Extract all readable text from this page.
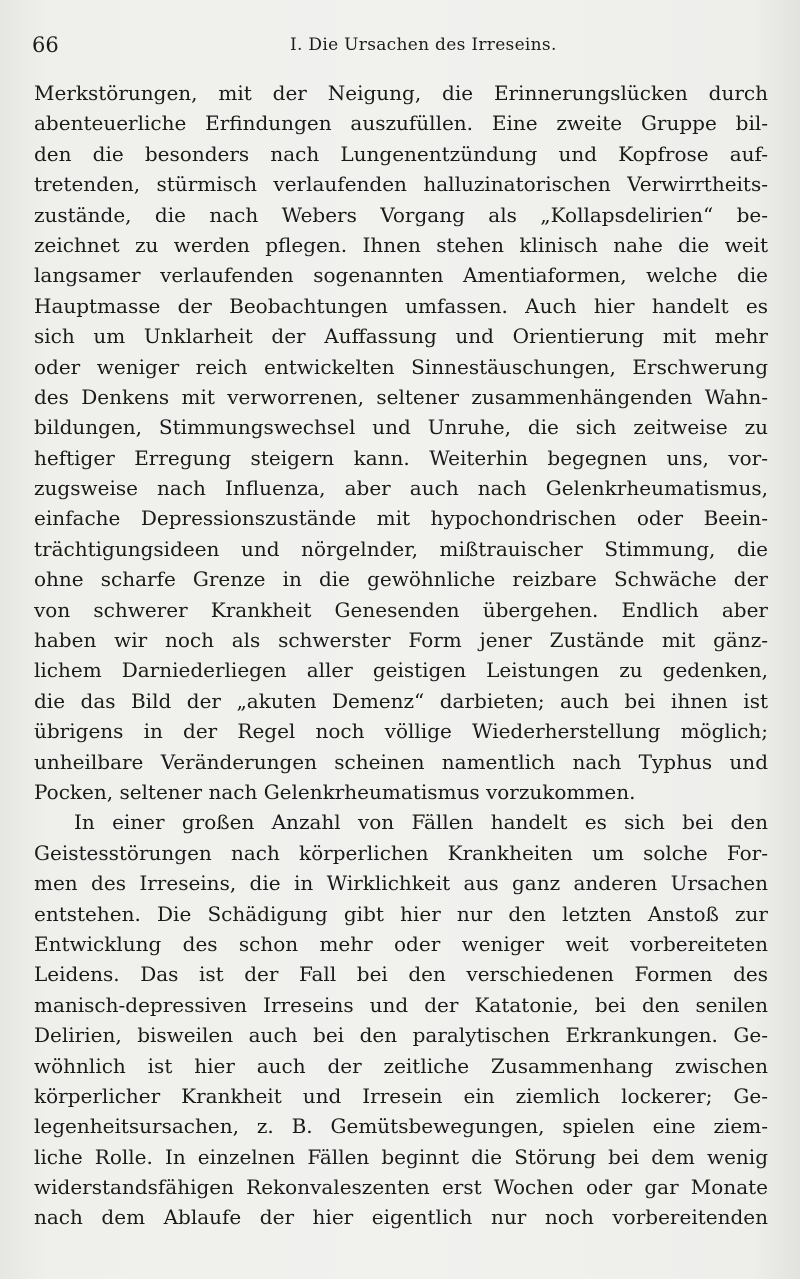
66	I. Die Ursachen des Irreseins.
Merkstörungen, mit der Neigung, die Erinnerungslücken durch
abenteuerliche Erfindungen auszufüllen. Eine zweite Gruppe bil-
den die besonders nach Lungenentzündung und Kopfrose auf-
tretenden, stürmisch verlaufenden halluzinatorischen Verwirrtheits-
zustände, die nach Webers Vorgang als „Kollapsdelirien“ be-
zeichnet zu werden pflegen. Ihnen stehen klinisch nahe die weit
langsamer verlaufenden sogenannten Amentiaformen, welche die
Hauptmasse der Beobachtungen umfassen. Auch hier handelt es
sich um Unklarheit der Auffassung und Orientierung mit mehr
oder weniger reich entwickelten Sinnestäuschungen, Erschwerung
des Denkens mit verworrenen, seltener zusammenhängenden Wahn-
bildungen, Stimmungswechsel und Unruhe, die sich zeitweise zu
heftiger Erregung steigern kann. Weiterhin begegnen uns, vor-
zugsweise nach Influenza, aber auch nach Gelenkrheumatismus,
einfache Depressionszustände mit hypochondrischen oder Beein-
trächtigungsideen und nörgelnder, mißtrauischer Stimmung, die
ohne scharfe Grenze in die gewöhnliche reizbare Schwäche der
von schwerer Krankheit Genesenden übergehen. Endlich aber
haben wir noch als schwerster Form jener Zustände mit gänz-
lichem Darniederliegen aller geistigen Leistungen zu gedenken,
die das Bild der „akuten Demenz“ darbieten; auch bei ihnen ist
übrigens in der Regel noch völlige Wiederherstellung möglich;
unheilbare Veränderungen scheinen namentlich nach Typhus und
Pocken, seltener nach Gelenkrheumatismus vorzukommen.
In einer großen Anzahl von Fällen handelt es sich bei den
Geistesstörungen nach körperlichen Krankheiten um solche For-
men des Irreseins, die in Wirklichkeit aus ganz anderen Ursachen
entstehen. Die Schädigung gibt hier nur den letzten Anstoß zur
Entwicklung des schon mehr oder weniger weit vorbereiteten
Leidens. Das ist der Fall bei den verschiedenen Formen des
manisch-depressiven Irreseins und der Katatonie, bei den senilen
Delirien, bisweilen auch bei den paralytischen Erkrankungen. Ge-
wöhnlich ist hier auch der zeitliche Zusammenhang zwischen
körperlicher Krankheit und Irresein ein ziemlich lockerer; Ge-
legenheitsursachen, z. B. Gemütsbewegungen, spielen eine ziem-
liche Rolle. In einzelnen Fällen beginnt die Störung bei dem wenig
widerstandsfähigen Rekonvaleszenten erst Wochen oder gar Monate
nach dem Ablaufe der hier eigentlich nur noch vorbereitenden
